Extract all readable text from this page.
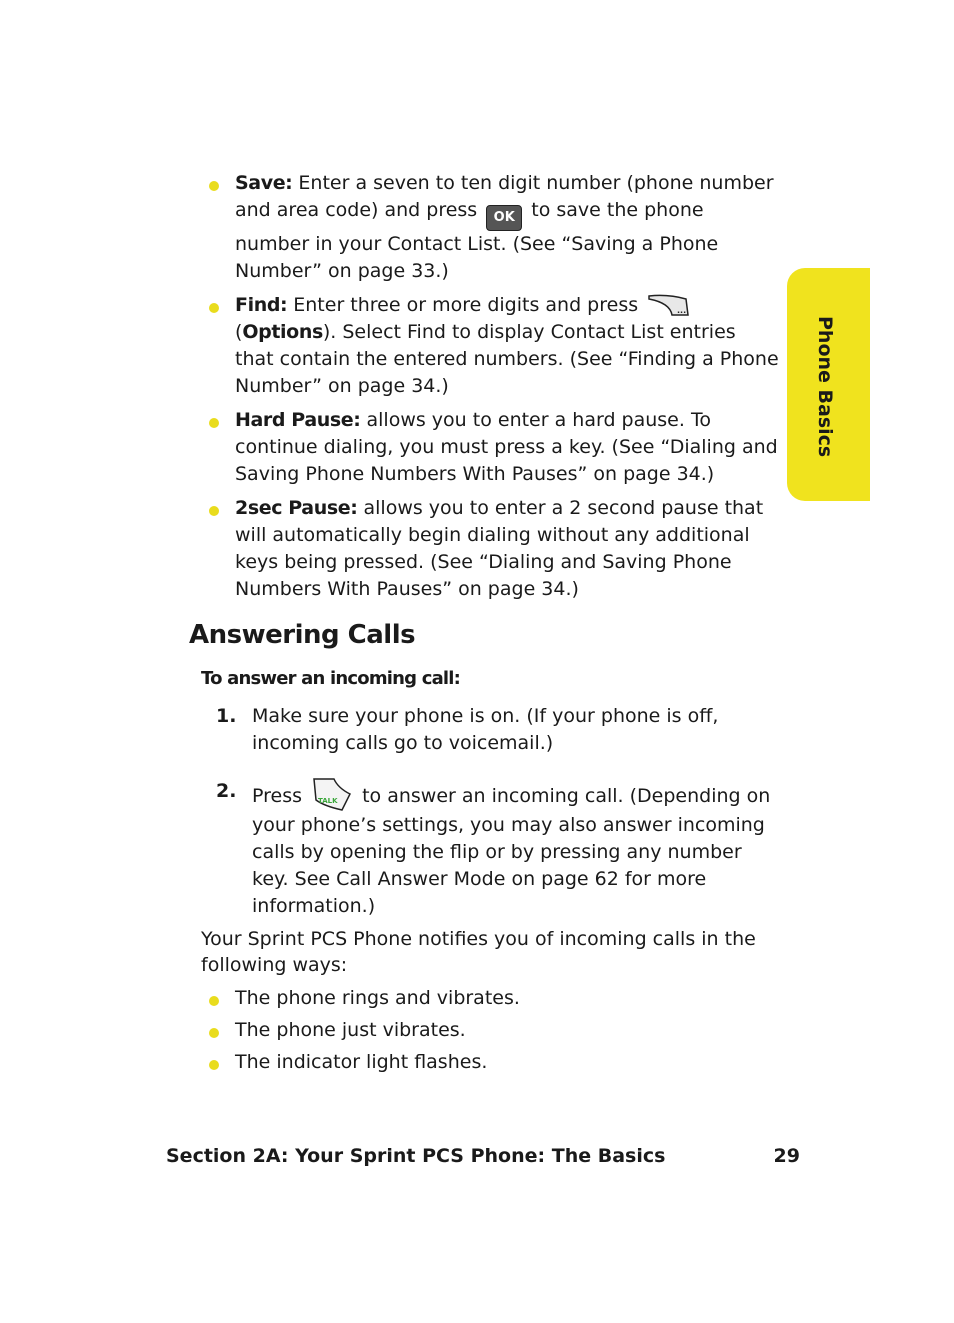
Phone Basics
Save: Enter a seven to ten digit number (phone number and area code) and press OK to save the phone number in your Contact List. (See “Saving a Phone Number” on page 33.)
Find: Enter three or more digits and press	...
(Options). Select Find to display Contact List entries that contain the entered numbers. (See “Finding a Phone Number” on page 34.)
Hard Pause: allows you to enter a hard pause. To continue dialing, you must press a key. (See “Dialing and Saving Phone Numbers With Pauses” on page 34.)
2sec Pause: allows you to enter a 2 second pause that will automatically begin dialing without any additional keys being pressed. (See “Dialing and Saving Phone Numbers With Pauses” on page 34.)
Answering Calls
To answer an incoming call:
1. Make sure your phone is on. (If your phone is off, incoming calls go to voicemail.)
2. Press TALK to answer an incoming call. (Depending on your phone’s settings, you may also answer incoming calls by opening the flip or by pressing any number key. See Call Answer Mode on page 62 for more information.)
Your Sprint PCS Phone notifies you of incoming calls in the following ways:
The phone rings and vibrates.
The phone just vibrates.
The indicator light flashes.
Section 2A: Your Sprint PCS Phone: The Basics	29
